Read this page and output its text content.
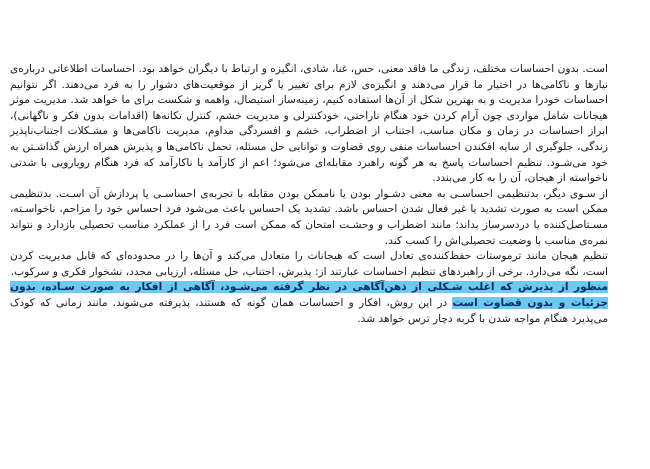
است. بدون احساسات مختلف، زندگی ما فاقد معنی، حس، غنا، شادی، انگیزه و ارتباط با دیگران خواهد بود. احساسات اطلاعاتی درباره‌ی نیازها و ناکامی‌ها در اختیار ما قرار می‌دهند و انگیزه‌ی لازم برای تغییر یا گریز از موقعیت‌های دشوار را به فرد می‌دهند. اگر نتوانیم احساسات خودرا مدیریت و به بهترین شکل از آن‌ها استفاده کنیم، زمینه‌ساز استیصال، واهمه و شکست برای ما خواهد شد. مدیریت موثر هیجانات شامل مواردی چون آرام کردن خود هنگام ناراحتی، خودکنترلی و مدیریت خشم، کنترل تکانه‌ها (اقدامات بدون فکر و ناگهانی)، ابراز احساسات در زمان و مکان مناسب، اجتناب از اضطراب، خشم و افسردگی مداوم، مدیریت ناکامی‌ها و مشـکلات اجتناب‌ناپذیر زندگی، جلوگیری از سایه افکندن احساسات منفی روی قضاوت و توانایی حل مسئله، تحمل ناکامی‌ها و پذیرش همراه ارزش گذاشـتن به خود می‌شـود. تنظیم احساسات پاسخ به هر گونه راهبرد مقابله‌ای می‌شود؛ اعم از کارآمد یا ناکارآمد که فرد هنگام رویارویی با شدتی ناخواسته از هیجان، آن را به کار می‌بندد.

از سـوی دیگر، بدتنظیمی احساسـی به معنی دشـوار بودن یا ناممکن بودن مقابله با تجربه‌ی احساسـی یا پردازش آن اسـت. بدتنظیمی ممکن است به صورت تشدید یا غیر فعال شدن احساس باشد. تشدید یک احساس باعث می‌شود فرد احساس خود را مزاحم، ناخواسـته، مسـتاصل‌کننده یا دردسرساز بداند؛ مانند اضطراب و وحشـت امتحان که ممکن است فرد را از عملکرد مناسب تحصیلی بازدارد و نتواند نمره‌ی مناسب با وضعیت تحصیلی‌اش را کسب کند.

تنظیم هیجان مانند ترموستات حفظ‌کننده‌ی تعادل است که هیجانات را متعادل می‌کند و آن‌ها را در محدوده‌ای که قابل مدیریت کردن است، نگه می‌دارد. برخی از راهبردهای تنظیم احساسات عبارتند از: پذیرش، اجتناب، حل مسئله، ارزیابی مجدد، نشخوار فکری و سرکوب.

منظور از پذیرش که اغلب شـکلی از ذهن‌آگاهی در نظر گرفته می‌شـود، آگاهی از افکار به صورت سـاده، بدون جزئیات و بدون قضاوت است در این روش، افکار و احساسات همان گونه که هستند، پذیرفته می‌شوند. مانند زمانی که کودک می‌پذیرد هنگام مواجه شدن با گربه دچار ترس خواهد شد.
